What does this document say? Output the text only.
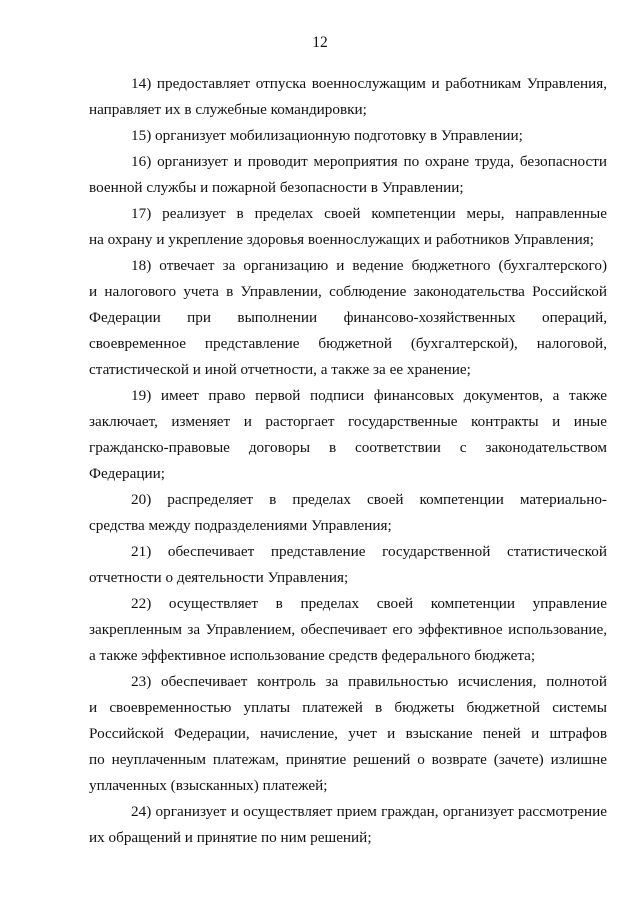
12
14) предоставляет отпуска военнослужащим и работникам Управления,
направляет их в служебные командировки;
15) организует мобилизационную подготовку в Управлении;
16) организует и проводит мероприятия по охране труда, безопасности
военной службы и пожарной безопасности в Управлении;
17) реализует в пределах своей компетенции меры, направленные
на охрану и укрепление здоровья военнослужащих и работников Управления;
18) отвечает за организацию и ведение бюджетного (бухгалтерского)
и налогового учета в Управлении, соблюдение законодательства Российской
Федерации при выполнении финансово-хозяйственных операций,
своевременное представление бюджетной (бухгалтерской), налоговой,
статистической и иной отчетности, а также за ее хранение;
19) имеет право первой подписи финансовых документов, а также
заключает, изменяет и расторгает государственные контракты и иные
гражданско-правовые договоры в соответствии с законодательством
Федерации;
20) распределяет в пределах своей компетенции материально-
средства между подразделениями Управления;
21) обеспечивает представление государственной статистической
отчетности о деятельности Управления;
22) осуществляет в пределах своей компетенции управление
закрепленным за Управлением, обеспечивает его эффективное использование,
а также эффективное использование средств федерального бюджета;
23) обеспечивает контроль за правильностью исчисления, полнотой
и своевременностью уплаты платежей в бюджеты бюджетной системы
Российской Федерации, начисление, учет и взыскание пеней и штрафов
по неуплаченным платежам, принятие решений о возврате (зачете) излишне
уплаченных (взысканных) платежей;
24) организует и осуществляет прием граждан, организует рассмотрение
их обращений и принятие по ним решений;
